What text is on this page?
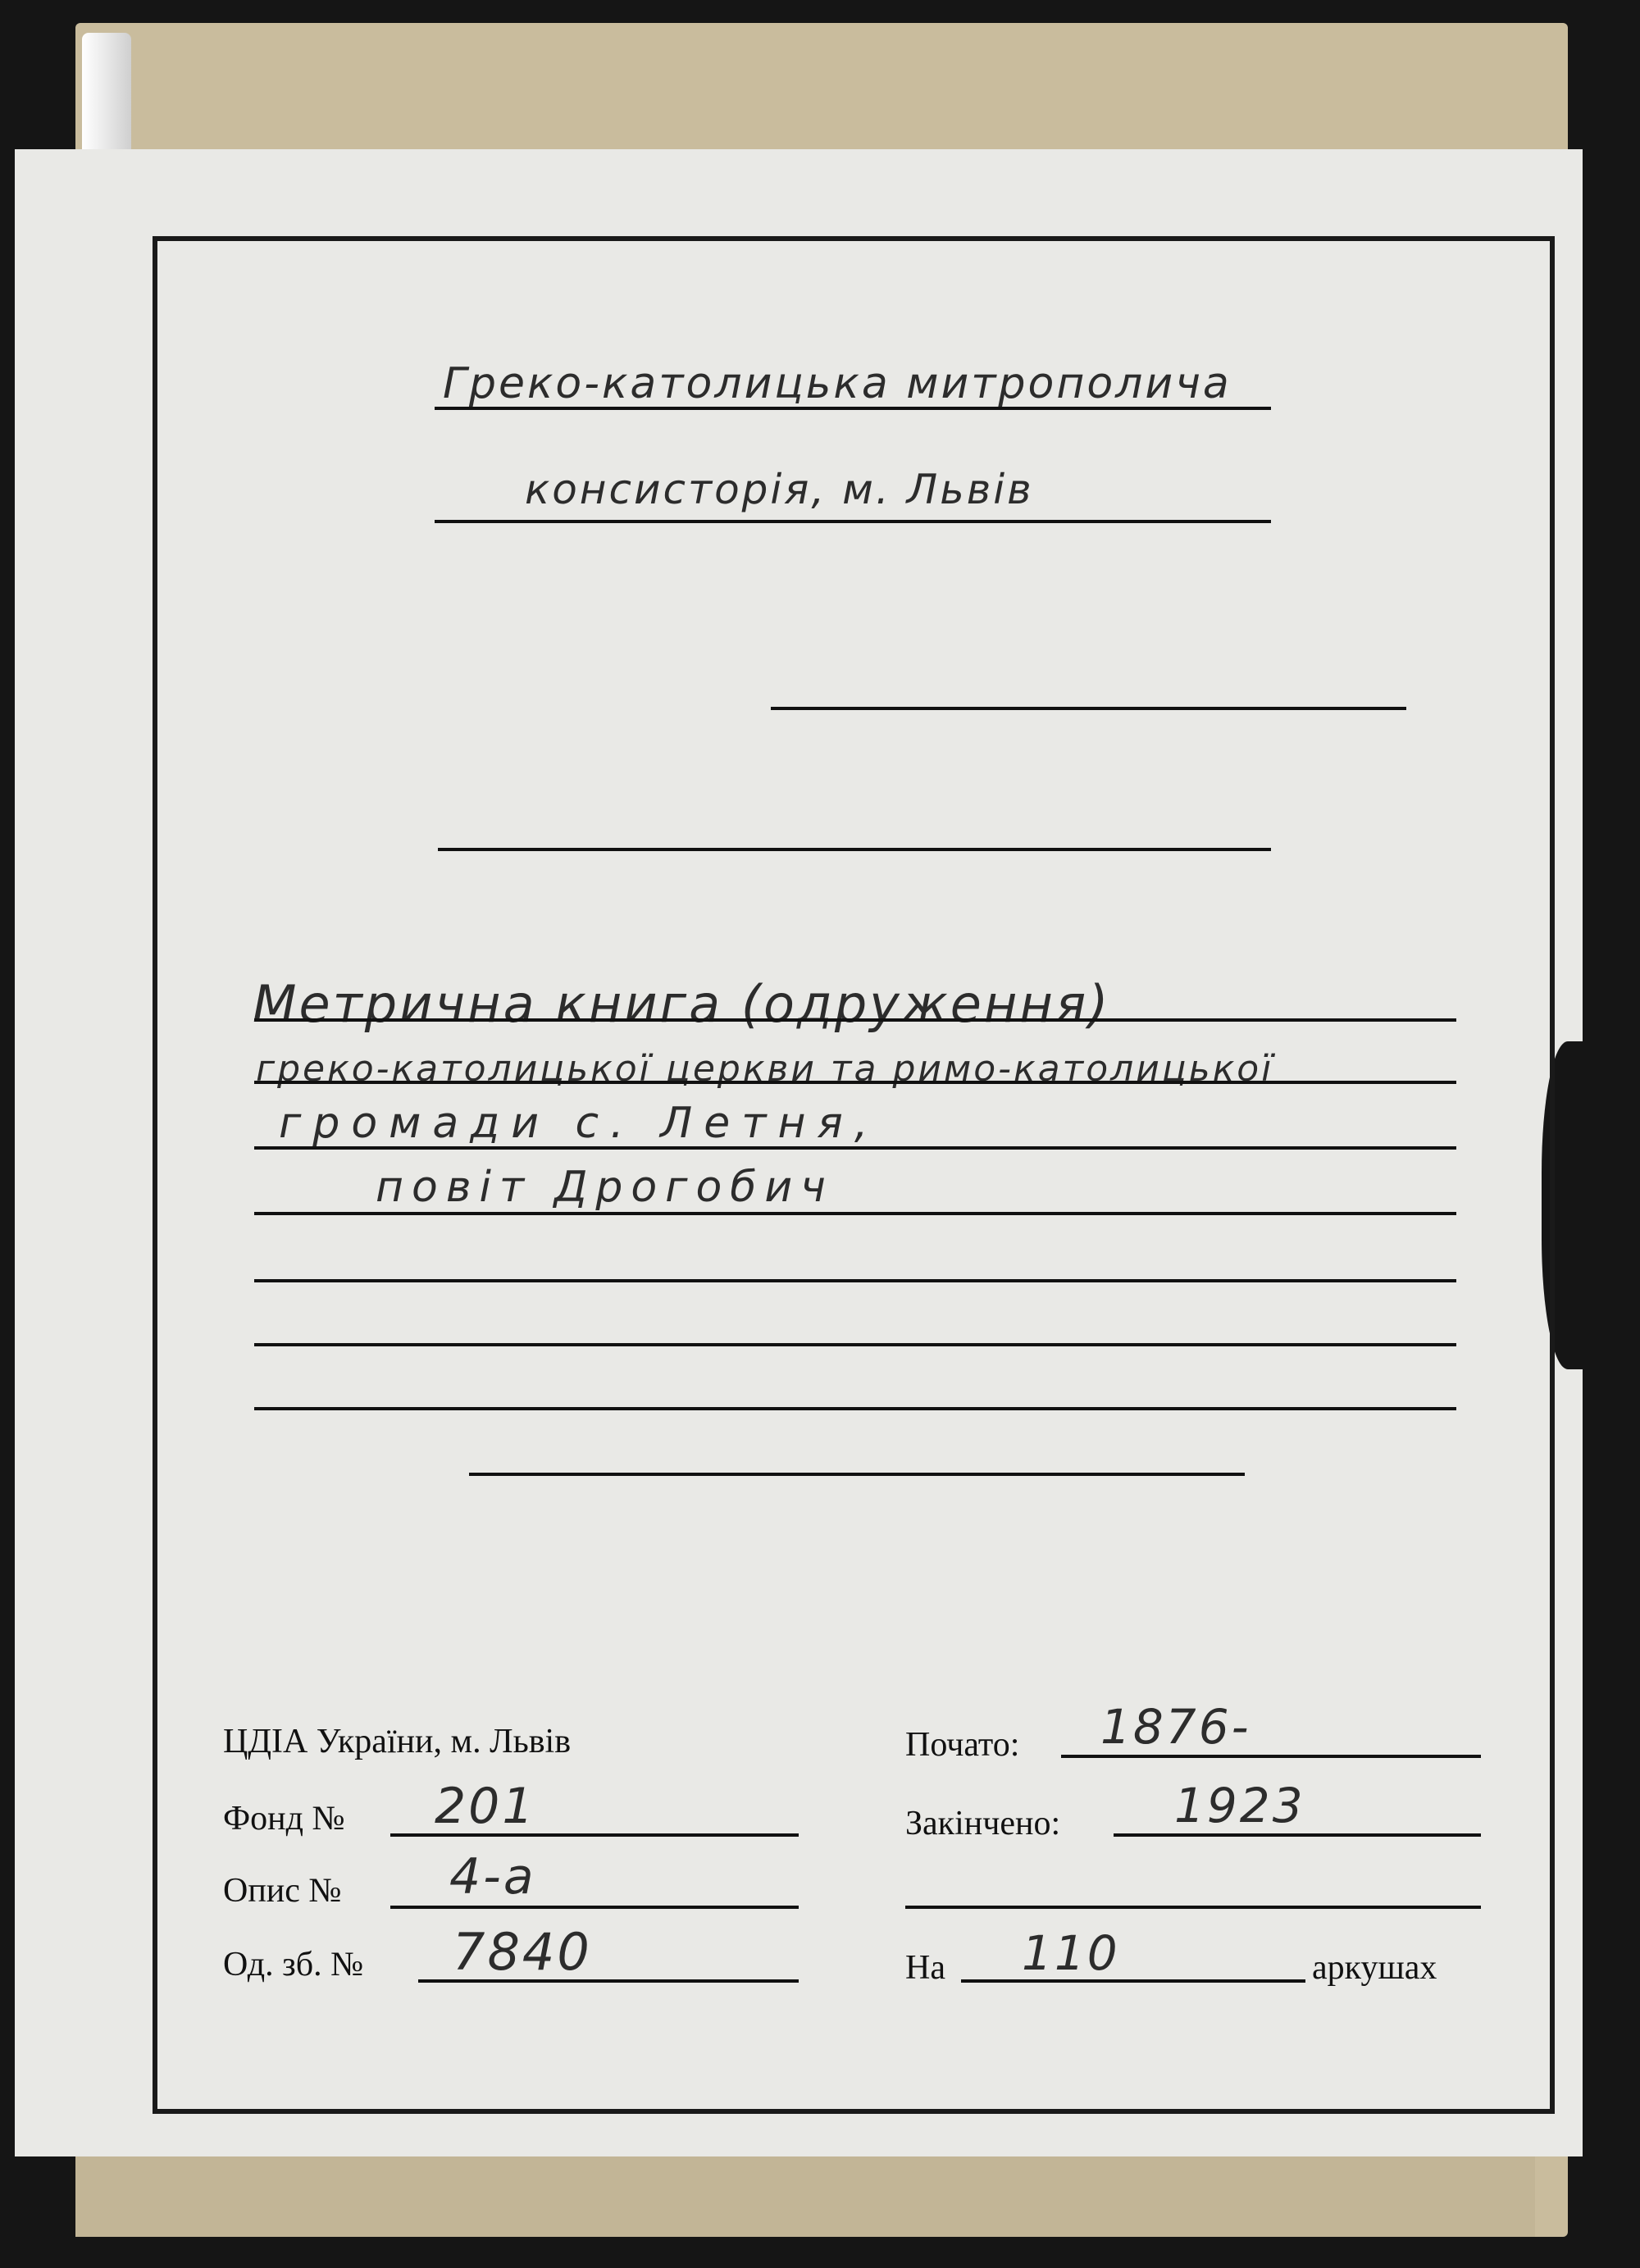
Греко-католицька митрополича
консисторія, м. Львів
Метрична книга (одруження)
греко-католицької церкви та римо-католицької
громади с. Летня,
повіт Дрогобич
ЦДІА України, м. Львів
Фонд № 201
Опис № 4-а
Од. зб. № 7840
Почато: 1876-
Закінчено: 1923
На 110	аркушах
